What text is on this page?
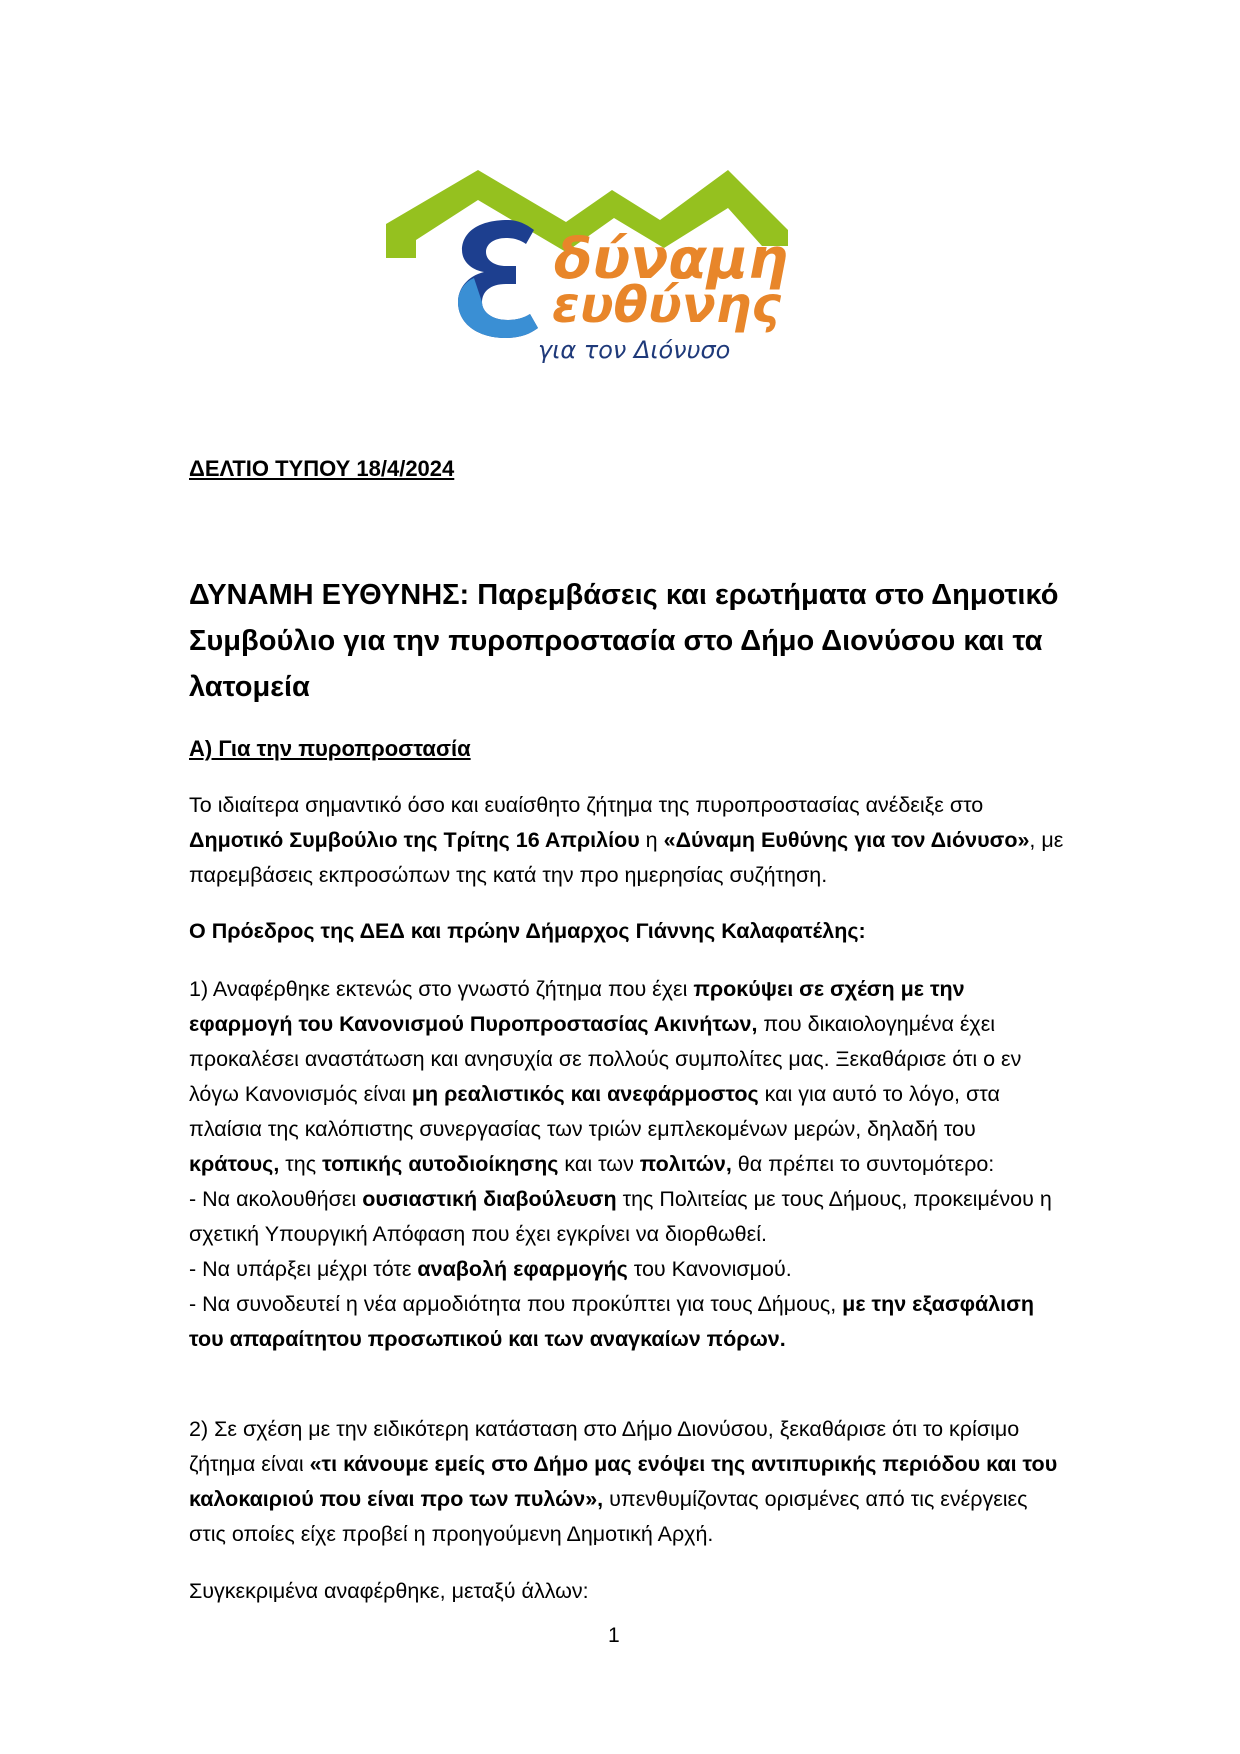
δύναμη
ευθύνης
για τον Διόνυσο
ΔΕΛΤΙΟ ΤΥΠΟΥ 18/4/2024
ΔΥΝΑΜΗ ΕΥΘΥΝΗΣ: Παρεμβάσεις και ερωτήματα στο Δημοτικό Συμβούλιο για την πυροπροστασία στο Δήμο Διονύσου και τα λατομεία
Α) Για την πυροπροστασία

Το ιδιαίτερα σημαντικό όσο και ευαίσθητο ζήτημα της πυροπροστασίας ανέδειξε στο Δημοτικό Συμβούλιο της Τρίτης 16 Απριλίου η «Δύναμη Ευθύνης για τον Διόνυσο», με παρεμβάσεις εκπροσώπων της κατά την προ ημερησίας συζήτηση.

Ο Πρόεδρος της ΔΕΔ και πρώην Δήμαρχος Γιάννης Καλαφατέλης:

1) Αναφέρθηκε εκτενώς στο γνωστό ζήτημα που έχει προκύψει σε σχέση με την εφαρμογή του Κανονισμού Πυροπροστασίας Ακινήτων, που δικαιολογημένα έχει προκαλέσει αναστάτωση και ανησυχία σε πολλούς συμπολίτες μας. Ξεκαθάρισε ότι ο εν λόγω Κανονισμός είναι μη ρεαλιστικός και ανεφάρμοστος και για αυτό το λόγο, στα πλαίσια της καλόπιστης συνεργασίας των τριών εμπλεκομένων μερών, δηλαδή του κράτους, της τοπικής αυτοδιοίκησης και των πολιτών, θα πρέπει το συντομότερο:
- Να ακολουθήσει ουσιαστική διαβούλευση της Πολιτείας με τους Δήμους, προκειμένου η σχετική Υπουργική Απόφαση που έχει εγκρίνει να διορθωθεί.
- Να υπάρξει μέχρι τότε αναβολή εφαρμογής του Κανονισμού.
- Να συνοδευτεί η νέα αρμοδιότητα που προκύπτει για τους Δήμους, με την εξασφάλιση του απαραίτητου προσωπικού και των αναγκαίων πόρων.

2) Σε σχέση με την ειδικότερη κατάσταση στο Δήμο Διονύσου, ξεκαθάρισε ότι το κρίσιμο ζήτημα είναι «τι κάνουμε εμείς στο Δήμο μας ενόψει της αντιπυρικής περιόδου και του καλοκαιριού που είναι προ των πυλών», υπενθυμίζοντας ορισμένες από τις ενέργειες στις οποίες είχε προβεί η προηγούμενη Δημοτική Αρχή.

Συγκεκριμένα αναφέρθηκε, μεταξύ άλλων:

1
